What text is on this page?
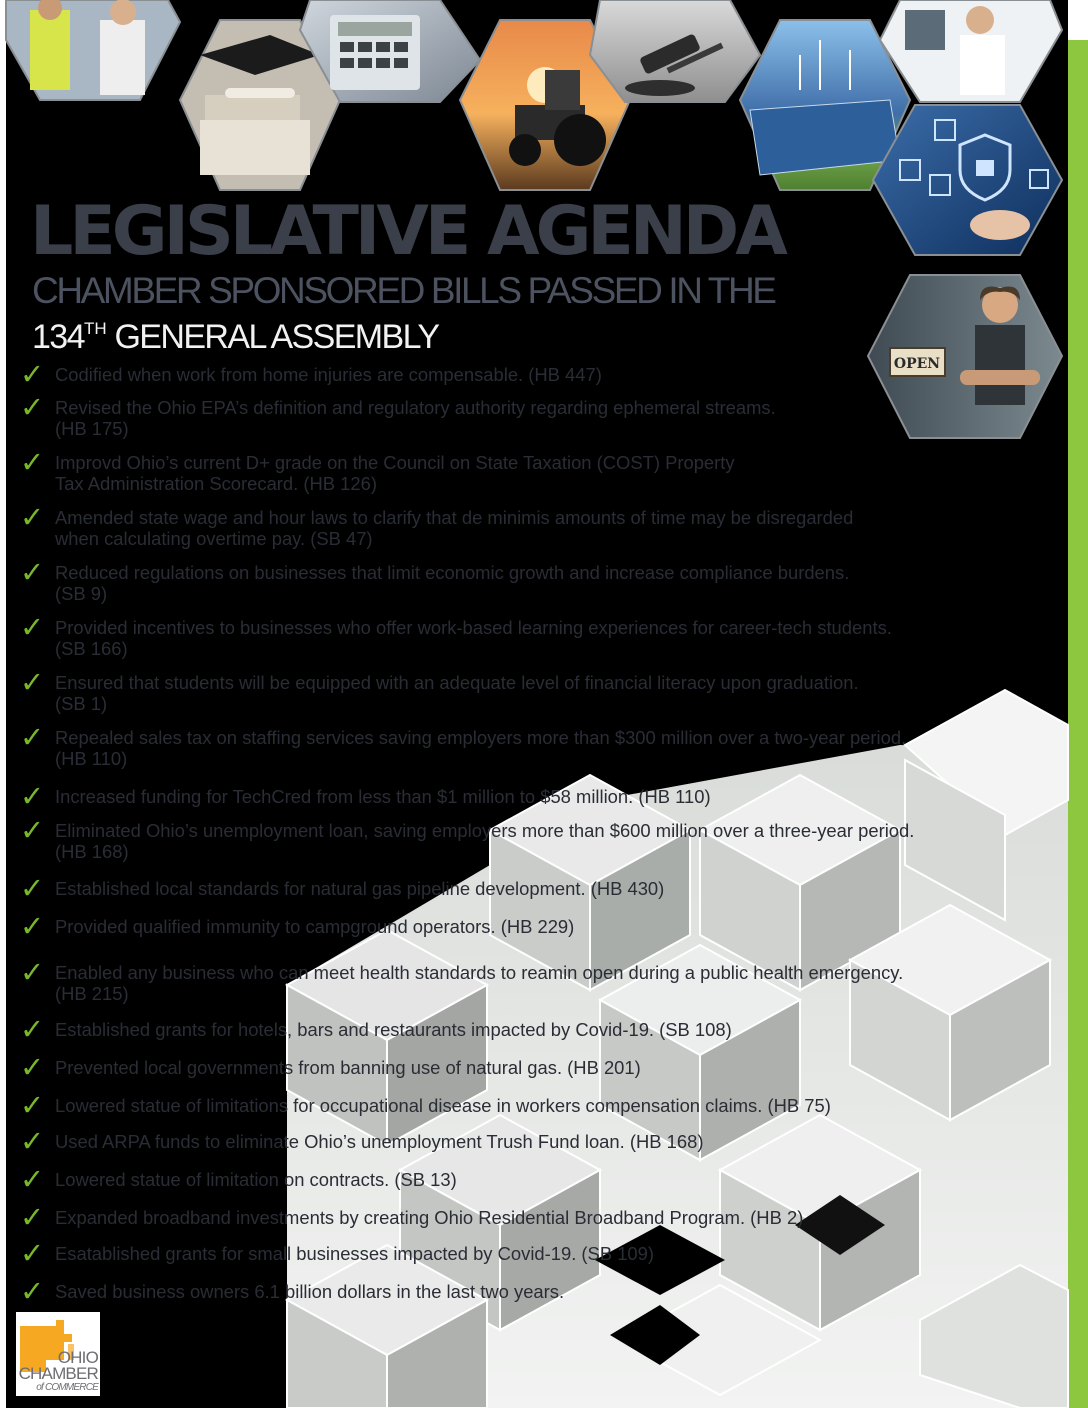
OPEN
LEGISLATIVE AGENDA
CHAMBER SPONSORED BILLS PASSED IN THE
134TH GENERAL ASSEMBLY
✓ Codified when work from home injuries are compensable. (HB 447)
✓ Revised the Ohio EPA’s definition and regulatory authority regarding ephemeral streams.
(HB 175)
✓ Improvd Ohio’s current D+ grade on the Council on State Taxation (COST) Property
Tax Administration Scorecard. (HB 126)
✓ Amended state wage and hour laws to clarify that de minimis amounts of time may be disregarded
when calculating overtime pay. (SB 47)
✓ Reduced regulations on businesses that limit economic growth and increase compliance burdens.
(SB 9)
✓ Provided incentives to businesses who offer work-based learning experiences for career-tech students.
(SB 166)
✓ Ensured that students will be equipped with an adequate level of financial literacy upon graduation.
(SB 1)
✓ Repealed sales tax on staffing services saving employers more than $300 million over a two-year period.
(HB 110)
✓ Increased funding for TechCred from less than $1 million to $58 million. (HB 110)
✓ Eliminated Ohio’s unemployment loan, saving employers more than $600 million over a three-year period.
(HB 168)
✓ Established local standards for natural gas pipeline development. (HB 430)
✓ Provided qualified immunity to campground operators. (HB 229)
✓ Enabled any business who can meet health standards to reamin open during a public health emergency.
(HB 215)
✓ Established grants for hotels, bars and restaurants impacted by Covid-19. (SB 108)
✓ Prevented local governments from banning use of natural gas. (HB 201)
✓ Lowered statue of limitations for occupational disease in workers compensation claims. (HB 75)
✓ Used ARPA funds to eliminate Ohio’s unemployment Trush Fund loan. (HB 168)
✓ Lowered statue of limitation on contracts. (SB 13)
✓ Expanded broadband investments by creating Ohio Residential Broadband Program. (HB 2)
✓ Esatablished grants for small businesses impacted by Covid-19. (SB 109)
✓ Saved business owners 6.1 billion dollars in the last two years.
OHIO
CHAMBER
of COMMERCE
